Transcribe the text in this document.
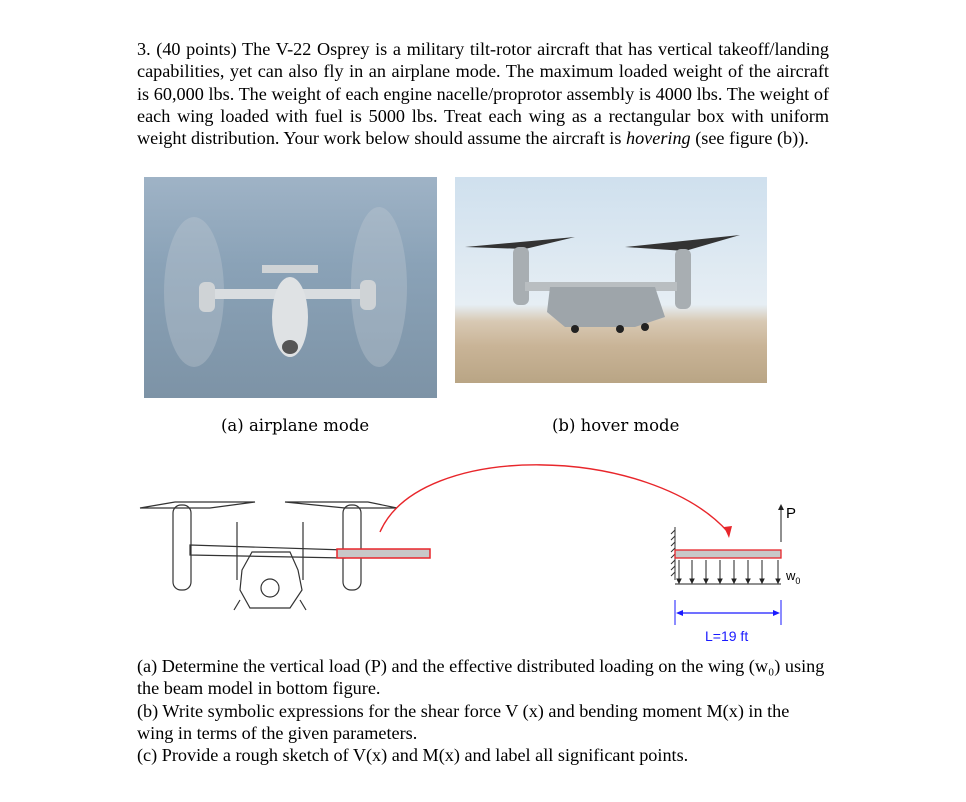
3. (40 points) The V-22 Osprey is a military tilt-rotor aircraft that has vertical takeoff/landing capabilities, yet can also fly in an airplane mode. The maximum loaded weight of the aircraft is 60,000 lbs. The weight of each engine nacelle/proprotor assembly is 4000 lbs. The weight of each wing loaded with fuel is 5000 lbs. Treat each wing as a rectangular box with uniform weight distribution. Your work below should assume the aircraft is hovering (see figure (b)).
(a) airplane mode	(b) hover mode
P
$w_0$
L=19 ft
(a) Determine the vertical load (P) and the effective distributed loading on the wing (w₀) using the beam model in bottom figure.
(b) Write symbolic expressions for the shear force V (x) and bending moment M(x) in the wing in terms of the given parameters.
(c) Provide a rough sketch of V(x) and M(x) and label all significant points.
